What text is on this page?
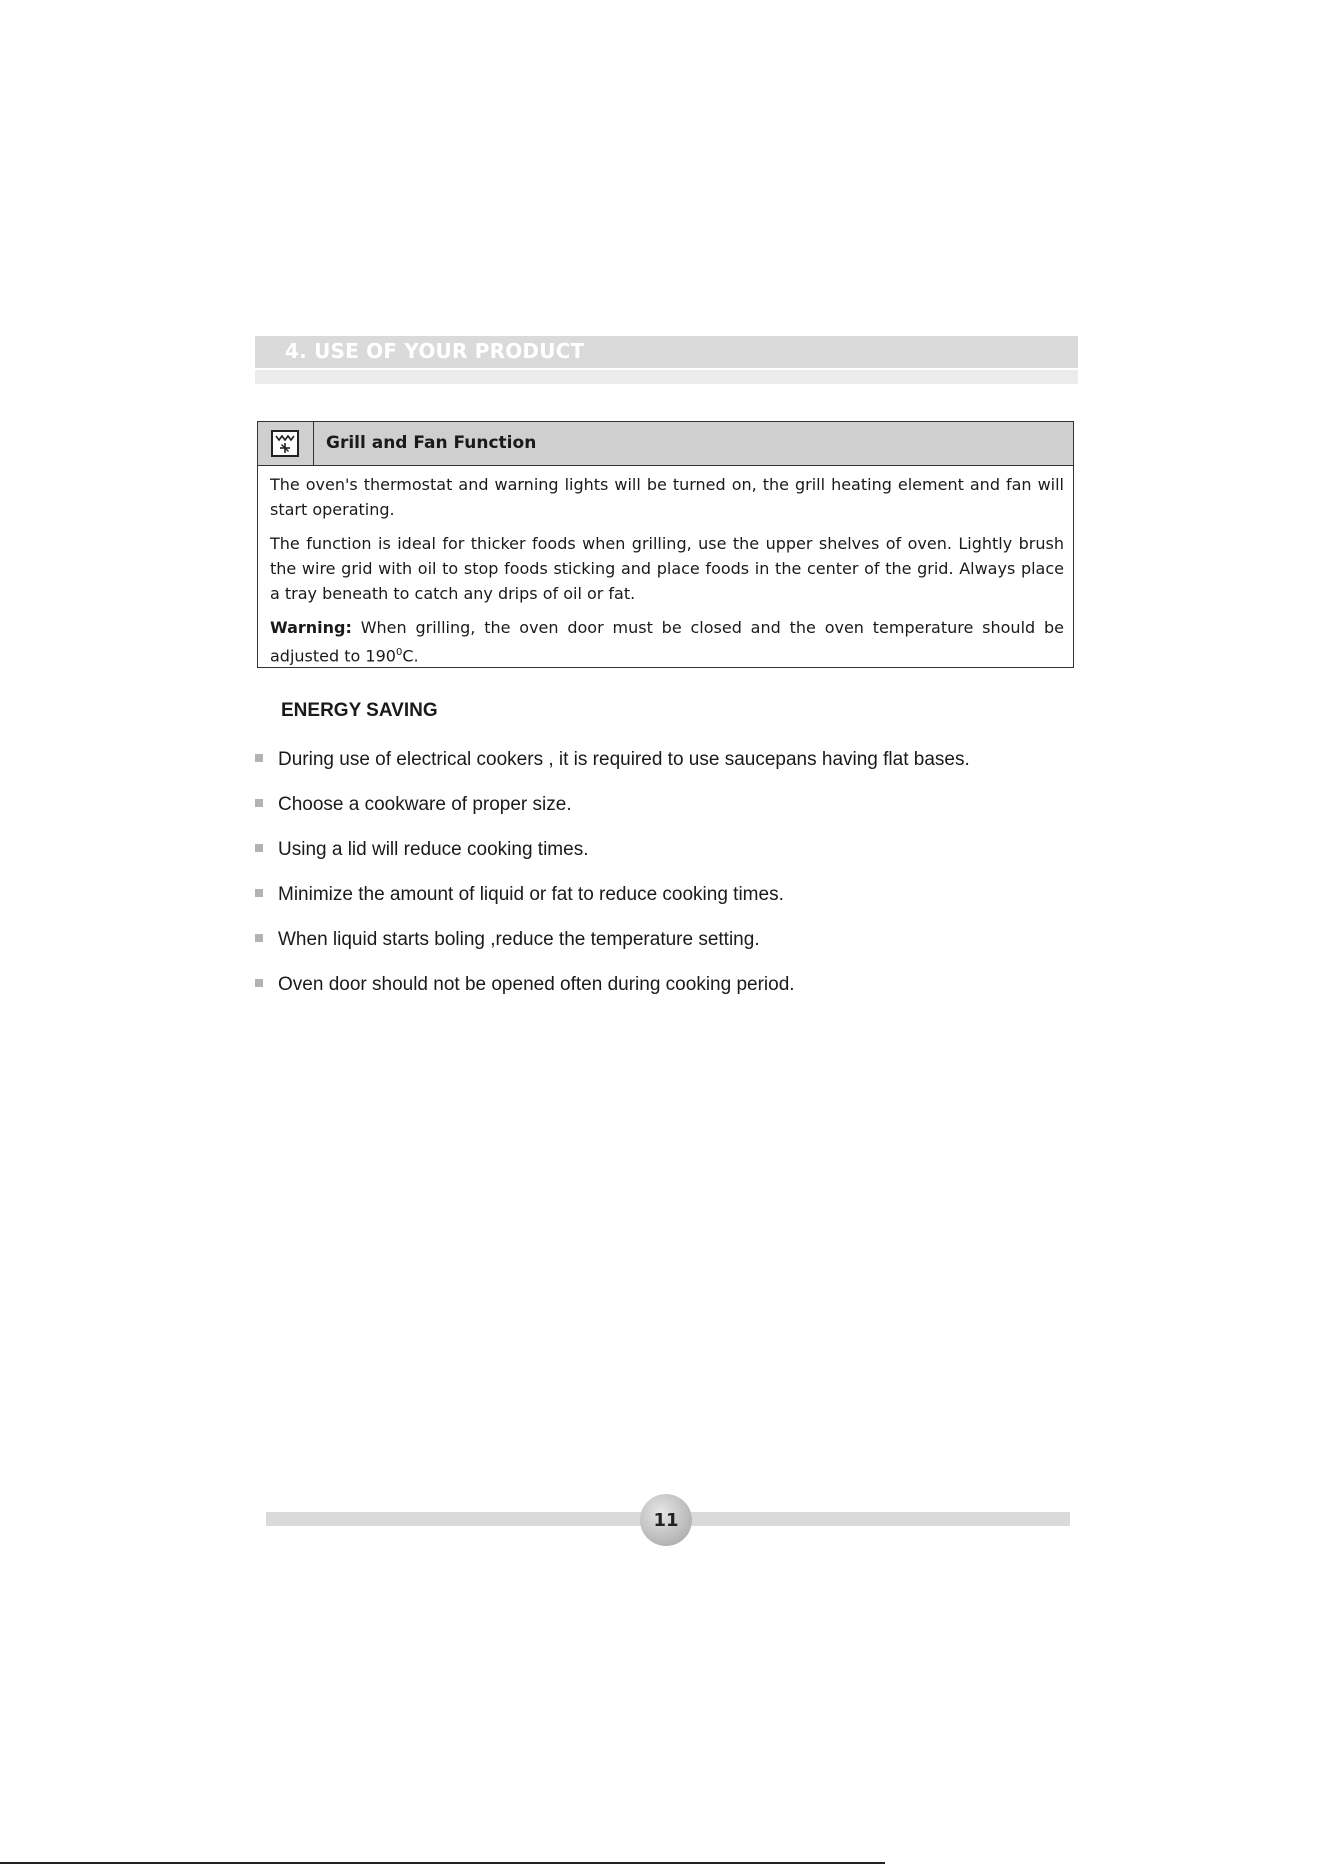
4. USE OF YOUR PRODUCT
Grill and Fan Function

The oven's thermostat and warning lights will be turned on, the grill heating element and fan will start operating.

The function is ideal for thicker foods when grilling, use the upper shelves of oven. Lightly brush the wire grid with oil to stop foods sticking and place foods in the center of the grid. Always place a tray beneath to catch any drips of oil or fat.

Warning: When grilling, the oven door must be closed and the oven temperature should be adjusted to $190^0C$.

ENERGY SAVING
During use of electrical cookers , it is required to use saucepans having flat bases.
Choose a cookware of proper size.
Using a lid will reduce cooking times.
Minimize the amount of liquid or fat to reduce cooking times.
When liquid starts boling ,reduce the temperature setting.
Oven door should not be opened often during cooking period.
11
